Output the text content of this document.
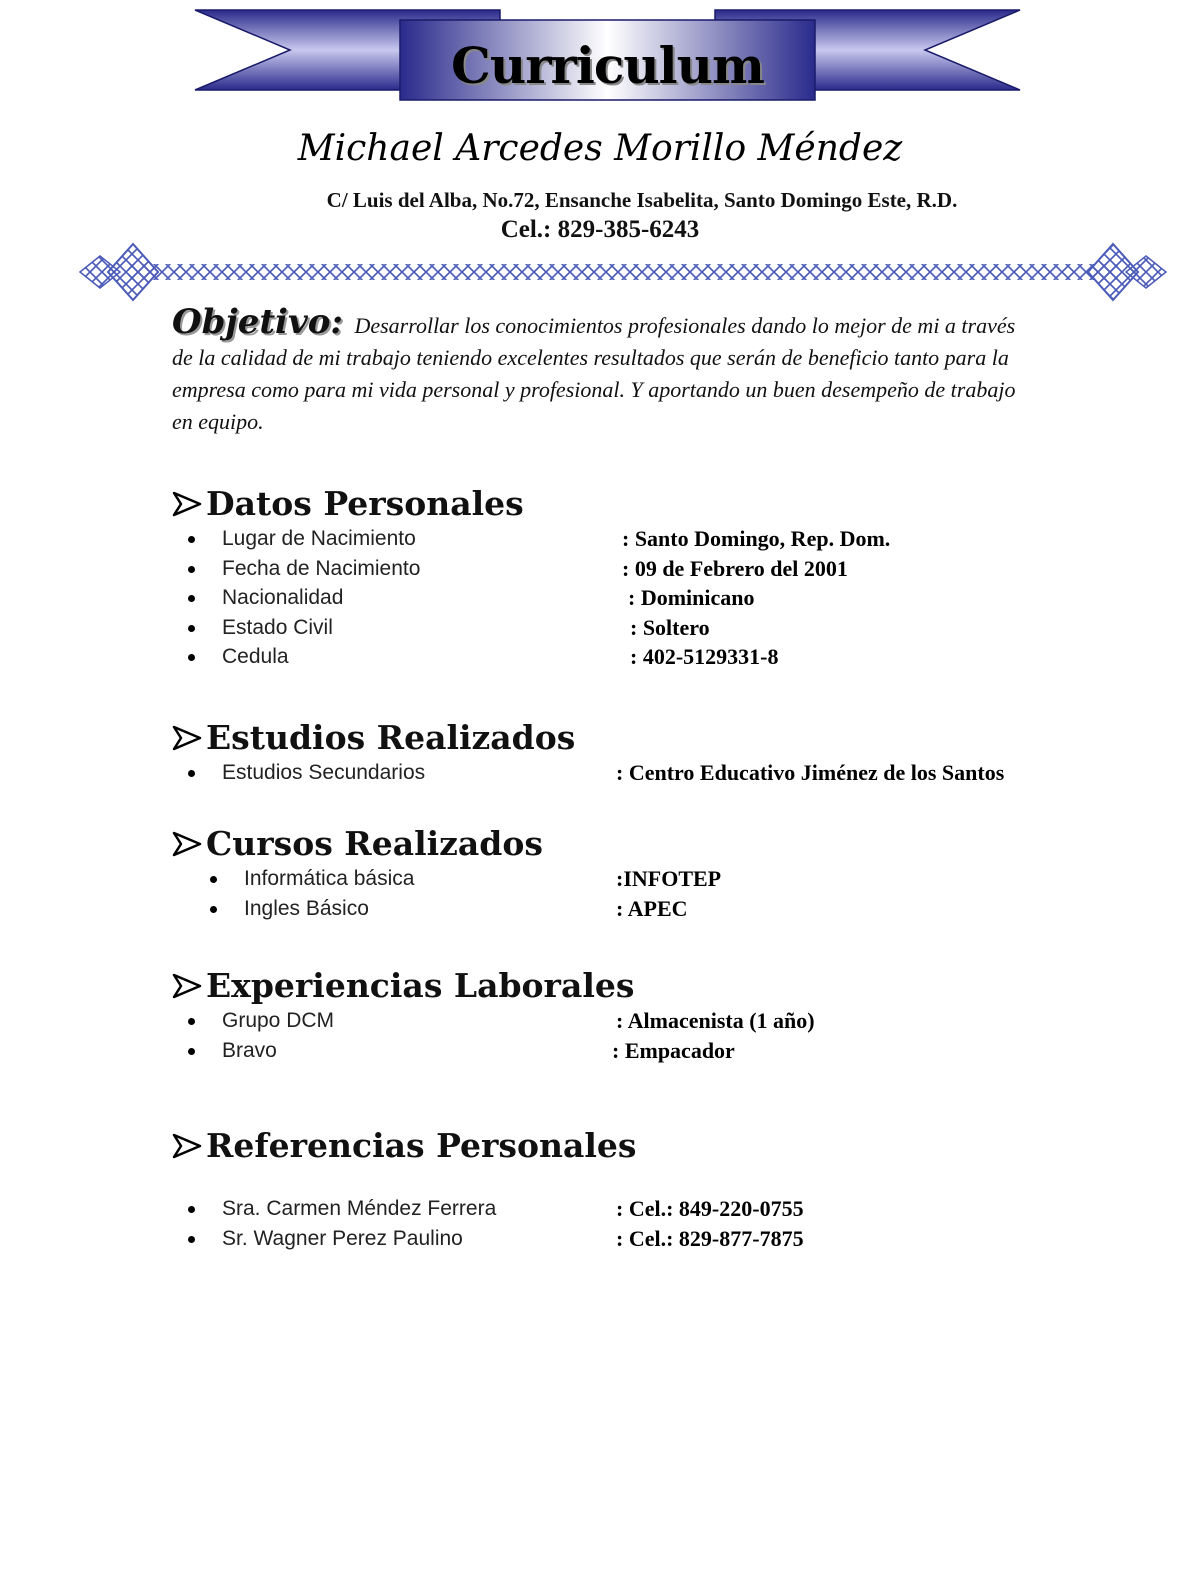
Curriculum
Michael Arcedes Morillo Méndez
C/ Luis del Alba, No.72, Ensanche Isabelita, Santo Domingo Este, R.D.
Cel.: 829-385-6243
Objetivo: Desarrollar los conocimientos profesionales dando lo mejor de mi a través de la calidad de mi trabajo teniendo excelentes resultados que serán de beneficio tanto para la empresa como para mi vida personal y profesional. Y aportando un buen desempeño de trabajo en equipo.
Datos Personales
Lugar de Nacimiento	: Santo Domingo, Rep. Dom.
Fecha de Nacimiento	: 09 de Febrero del 2001
Nacionalidad	: Dominicano
Estado Civil	: Soltero
Cedula	: 402-5129331-8
Estudios Realizados
Estudios Secundarios	: Centro Educativo Jiménez de los Santos
Cursos Realizados
Informática básica	:INFOTEP
Ingles Básico	: APEC
Experiencias Laborales
Grupo DCM	: Almacenista (1 año)
Bravo	: Empacador
Referencias Personales
Sra. Carmen Méndez Ferrera	: Cel.: 849-220-0755
Sr. Wagner Perez Paulino	: Cel.: 829-877-7875
